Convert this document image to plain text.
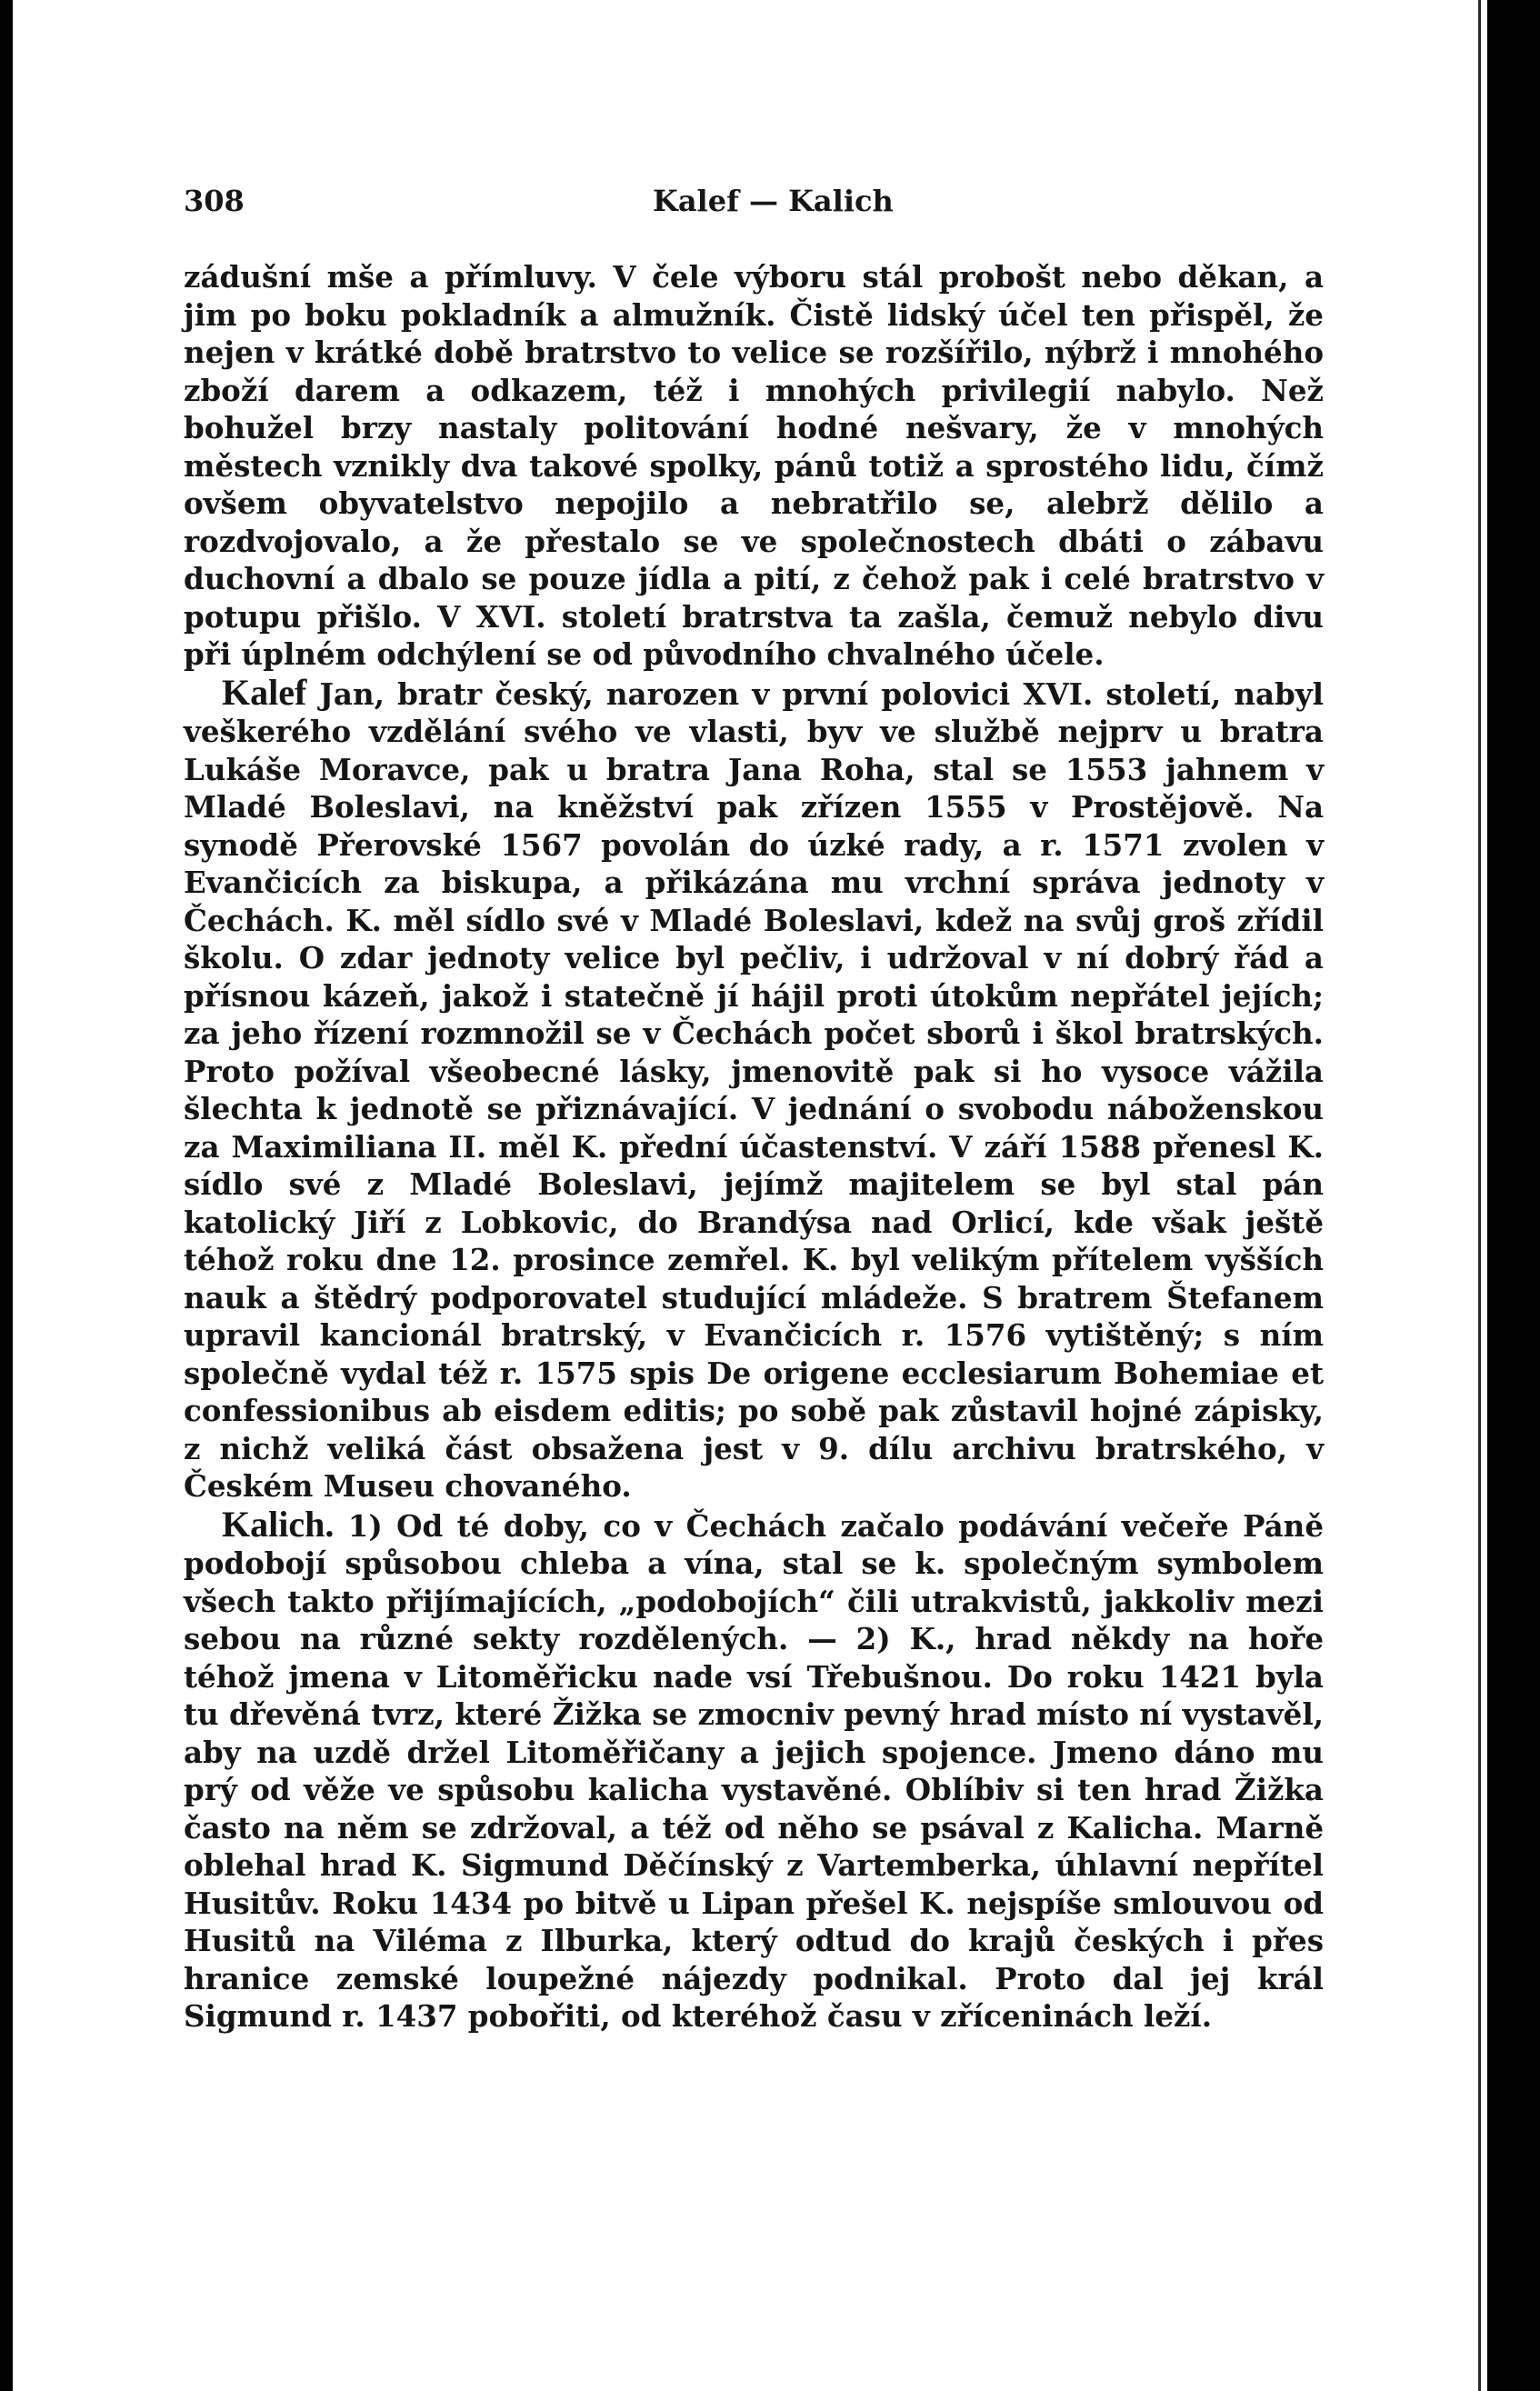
308	Kalef — Kalich

zádušní mše a přímluvy. V čele výboru stál probošt nebo děkan, a jim po boku pokladník a almužník. Čistě lidský účel ten přispěl, že nejen v krátké době bratrstvo to velice se rozšířilo, nýbrž i mnohého zboží darem a odkazem, též i mnohých privilegií nabylo. Než bohužel brzy nastaly politování hodné nešvary, že v mnohých městech vznikly dva takové spolky, pánů totiž a sprostého lidu, čímž ovšem obyvatelstvo nepojilo a nebratřilo se, alebrž dělilo a rozdvojovalo, a že přestalo se ve společnostech dbáti o zábavu duchovní a dbalo se pouze jídla a pití, z čehož pak i celé bratrstvo v potupu přišlo. V XVI. století bratrstva ta zašla, čemuž nebylo divu při úplném odchýlení se od původního chvalného účele.

Kalef Jan, bratr český, narozen v první polovici XVI. století, nabyl veškerého vzdělání svého ve vlasti, byv ve službě nejprv u bratra Lukáše Moravce, pak u bratra Jana Roha, stal se 1553 jahnem v Mladé Boleslavi, na kněžství pak zřízen 1555 v Prostějově. Na synodě Přerovské 1567 povolán do úzké rady, a r. 1571 zvolen v Evančicích za biskupa, a přikázána mu vrchní správa jednoty v Čechách. K. měl sídlo své v Mladé Boleslavi, kdež na svůj groš zřídil školu. O zdar jednoty velice byl pečliv, i udržoval v ní dobrý řád a přísnou kázeň, jakož i statečně jí hájil proti útokům nepřátel jejích; za jeho řízení rozmnožil se v Čechách počet sborů i škol bratrských. Proto požíval všeobecné lásky, jmenovitě pak si ho vysoce vážila šlechta k jednotě se přiznávající. V jednání o svobodu náboženskou za Maximiliana II. měl K. přední účastenství. V září 1588 přenesl K. sídlo své z Mladé Boleslavi, jejímž majitelem se byl stal pán katolický Jiří z Lobkovic, do Brandýsa nad Orlicí, kde však ještě téhož roku dne 12. prosince zemřel. K. byl velikým přítelem vyšších nauk a štědrý podporovatel studující mládeže. S bratrem Štefanem upravil kancionál bratrský, v Evančicích r. 1576 vytištěný; s ním společně vydal též r. 1575 spis De origene ecclesiarum Bohemiae et confessionibus ab eisdem editis; po sobě pak zůstavil hojné zápisky, z nichž veliká část obsažena jest v 9. dílu archivu bratrského, v Českém Museu chovaného.

Kalich. 1) Od té doby, co v Čechách začalo podávání večeře Páně podobojí spůsobou chleba a vína, stal se k. společným symbolem všech takto přijímajících, „podobojích“ čili utrakvistů, jakkoliv mezi sebou na různé sekty rozdělených. — 2) K., hrad někdy na hoře téhož jmena v Litoměřicku nade vsí Třebušnou. Do roku 1421 byla tu dřevěná tvrz, které Žižka se zmocniv pevný hrad místo ní vystavěl, aby na uzdě držel Litoměřičany a jejich spojence. Jmeno dáno mu prý od věže ve spůsobu kalicha vystavěné. Oblíbiv si ten hrad Žižka často na něm se zdržoval, a též od něho se psával z Kalicha. Marně oblehal hrad K. Sigmund Děčínský z Vartemberka, úhlavní nepřítel Husitův. Roku 1434 po bitvě u Lipan přešel K. nejspíše smlouvou od Husitů na Viléma z Ilburka, který odtud do krajů českých i přes hranice zemské loupežné nájezdy podnikal. Proto dal jej král Sigmund r. 1437 pobořiti, od kteréhož času v zříceninách leží.
